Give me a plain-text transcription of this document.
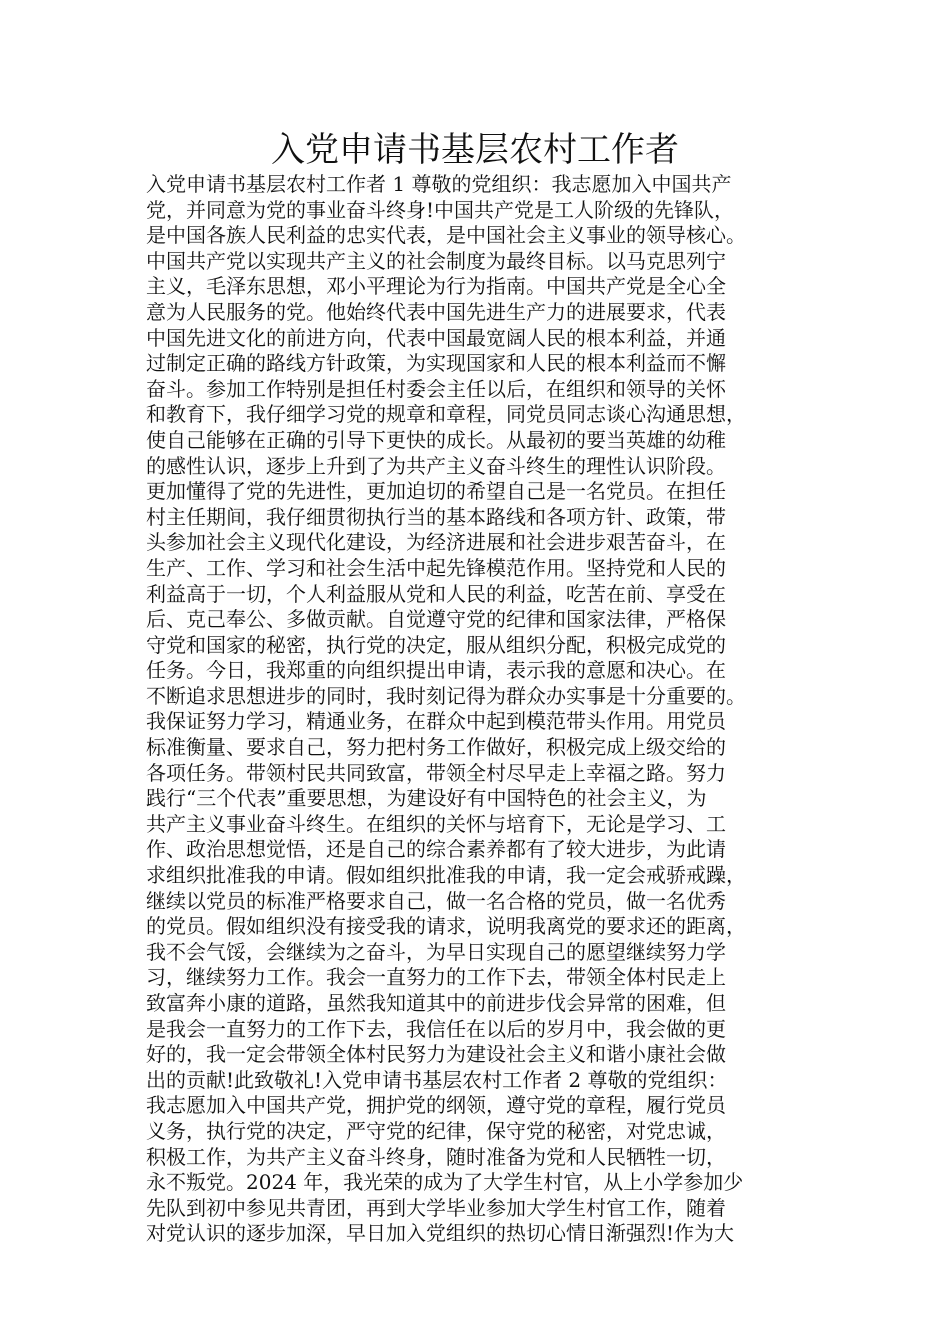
入党申请书基层农村工作者
入党申请书基层农村工作者 1 尊敬的党组织：我志愿加入中国共产
党，并同意为党的事业奋斗终身!中国共产党是工人阶级的先锋队，
是中国各族人民利益的忠实代表，是中国社会主义事业的领导核心。
中国共产党以实现共产主义的社会制度为最终目标。以马克思列宁
主义，毛泽东思想，邓小平理论为行为指南。中国共产党是全心全
意为人民服务的党。他始终代表中国先进生产力的进展要求，代表
中国先进文化的前进方向，代表中国最宽阔人民的根本利益，并通
过制定正确的路线方针政策，为实现国家和人民的根本利益而不懈
奋斗。参加工作特别是担任村委会主任以后，在组织和领导的关怀
和教育下，我仔细学习党的规章和章程，同党员同志谈心沟通思想，
使自己能够在正确的引导下更快的成长。从最初的要当英雄的幼稚
的感性认识，逐步上升到了为共产主义奋斗终生的理性认识阶段。
更加懂得了党的先进性，更加迫切的希望自己是一名党员。在担任
村主任期间，我仔细贯彻执行当的基本路线和各项方针、政策，带
头参加社会主义现代化建设，为经济进展和社会进步艰苦奋斗，在
生产、工作、学习和社会生活中起先锋模范作用。坚持党和人民的
利益高于一切，个人利益服从党和人民的利益，吃苦在前、享受在
后、克己奉公、多做贡献。自觉遵守党的纪律和国家法律，严格保
守党和国家的秘密，执行党的决定，服从组织分配，积极完成党的
任务。今日，我郑重的向组织提出申请，表示我的意愿和决心。在
不断追求思想进步的同时，我时刻记得为群众办实事是十分重要的。
我保证努力学习，精通业务，在群众中起到模范带头作用。用党员
标准衡量、要求自己，努力把村务工作做好，积极完成上级交给的
各项任务。带领村民共同致富，带领全村尽早走上幸福之路。努力
践行“三个代表”重要思想，为建设好有中国特色的社会主义，为
共产主义事业奋斗终生。在组织的关怀与培育下，无论是学习、工
作、政治思想觉悟，还是自己的综合素养都有了较大进步，为此请
求组织批准我的申请。假如组织批准我的申请，我一定会戒骄戒躁，
继续以党员的标准严格要求自己，做一名合格的党员，做一名优秀
的党员。假如组织没有接受我的请求，说明我离党的要求还的距离，
我不会气馁，会继续为之奋斗，为早日实现自己的愿望继续努力学
习，继续努力工作。我会一直努力的工作下去，带领全体村民走上
致富奔小康的道路，虽然我知道其中的前进步伐会异常的困难，但
是我会一直努力的工作下去，我信任在以后的岁月中，我会做的更
好的，我一定会带领全体村民努力为建设社会主义和谐小康社会做
出的贡献!此致敬礼!入党申请书基层农村工作者 2 尊敬的党组织：
我志愿加入中国共产党，拥护党的纲领，遵守党的章程，履行党员
义务，执行党的决定，严守党的纪律，保守党的秘密，对党忠诚，
积极工作，为共产主义奋斗终身，随时准备为党和人民牺牲一切，
永不叛党。2024 年，我光荣的成为了大学生村官，从上小学参加少
先队到初中参见共青团，再到大学毕业参加大学生村官工作，随着
对党认识的逐步加深，早日加入党组织的热切心情日渐强烈!作为大
